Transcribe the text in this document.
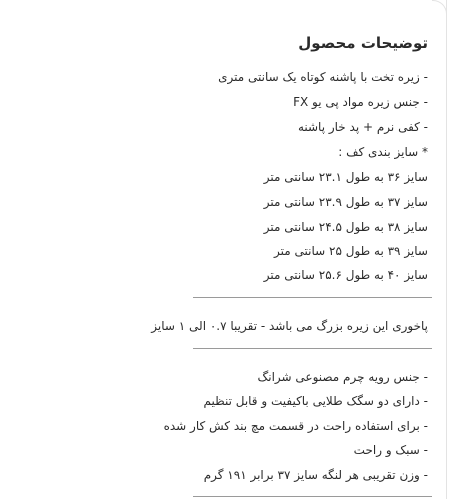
توضیحات محصول
- زیره تخت با پاشنه کوتاه یک سانتی متری
- جنس زیره مواد پی یو FX
- کفی نرم + پد خار پاشنه
* سایز بندی کف :
سایز ۳۶ به طول ۲۳.۱ سانتی متر
سایز ۳۷ به طول ۲۳.۹ سانتی متر
سایز ۳۸ به طول ۲۴.۵ سانتی متر
سایز ۳۹ به طول ۲۵ سانتی متر
سایز ۴۰ به طول ۲۵.۶ سانتی متر
پاخوری این زیره بزرگ می باشد - تقریبا ۰.۷ الی ۱ سایز
- جنس رویه چرم مصنوعی شرانگ
- دارای دو سگک طلایی باکیفیت و قابل تنظیم
- برای استفاده راحت در قسمت مچ بند کش کار شده
- سبک و راحت
- وزن تقریبی هر لنگه سایز ۳۷ برابر ۱۹۱ گرم
